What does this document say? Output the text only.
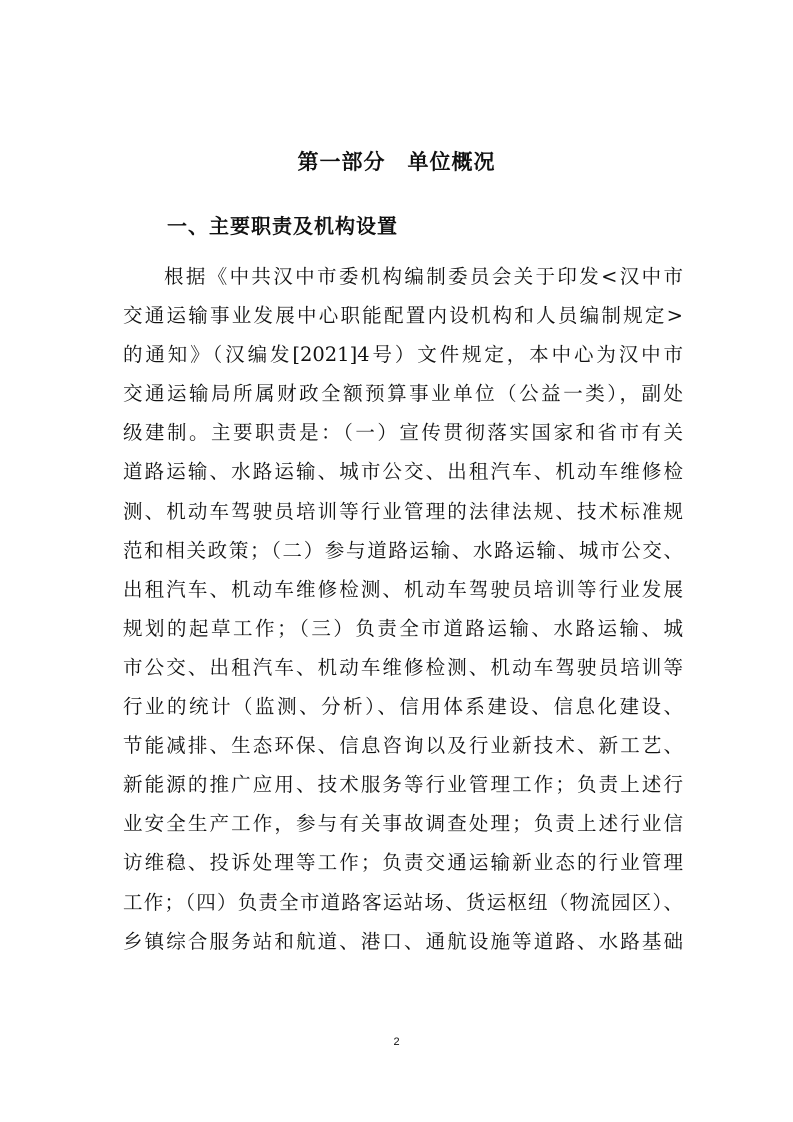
第一部分　单位概况
一、主要职责及机构设置
根据《中共汉中市委机构编制委员会关于印发<汉中市
交通运输事业发展中心职能配置内设机构和人员编制规定>
的通知》（汉编发[2021]4号）文件规定，本中心为汉中市
交通运输局所属财政全额预算事业单位（公益一类），副处
级建制。主要职责是：（一）宣传贯彻落实国家和省市有关
道路运输、水路运输、城市公交、出租汽车、机动车维修检
测、机动车驾驶员培训等行业管理的法律法规、技术标准规
范和相关政策；（二）参与道路运输、水路运输、城市公交、
出租汽车、机动车维修检测、机动车驾驶员培训等行业发展
规划的起草工作；（三）负责全市道路运输、水路运输、城
市公交、出租汽车、机动车维修检测、机动车驾驶员培训等
行业的统计（监测、分析）、信用体系建设、信息化建设、
节能减排、生态环保、信息咨询以及行业新技术、新工艺、
新能源的推广应用、技术服务等行业管理工作；负责上述行
业安全生产工作，参与有关事故调查处理；负责上述行业信
访维稳、投诉处理等工作；负责交通运输新业态的行业管理
工作；（四）负责全市道路客运站场、货运枢纽（物流园区）、
乡镇综合服务站和航道、港口、通航设施等道路、水路基础
2
